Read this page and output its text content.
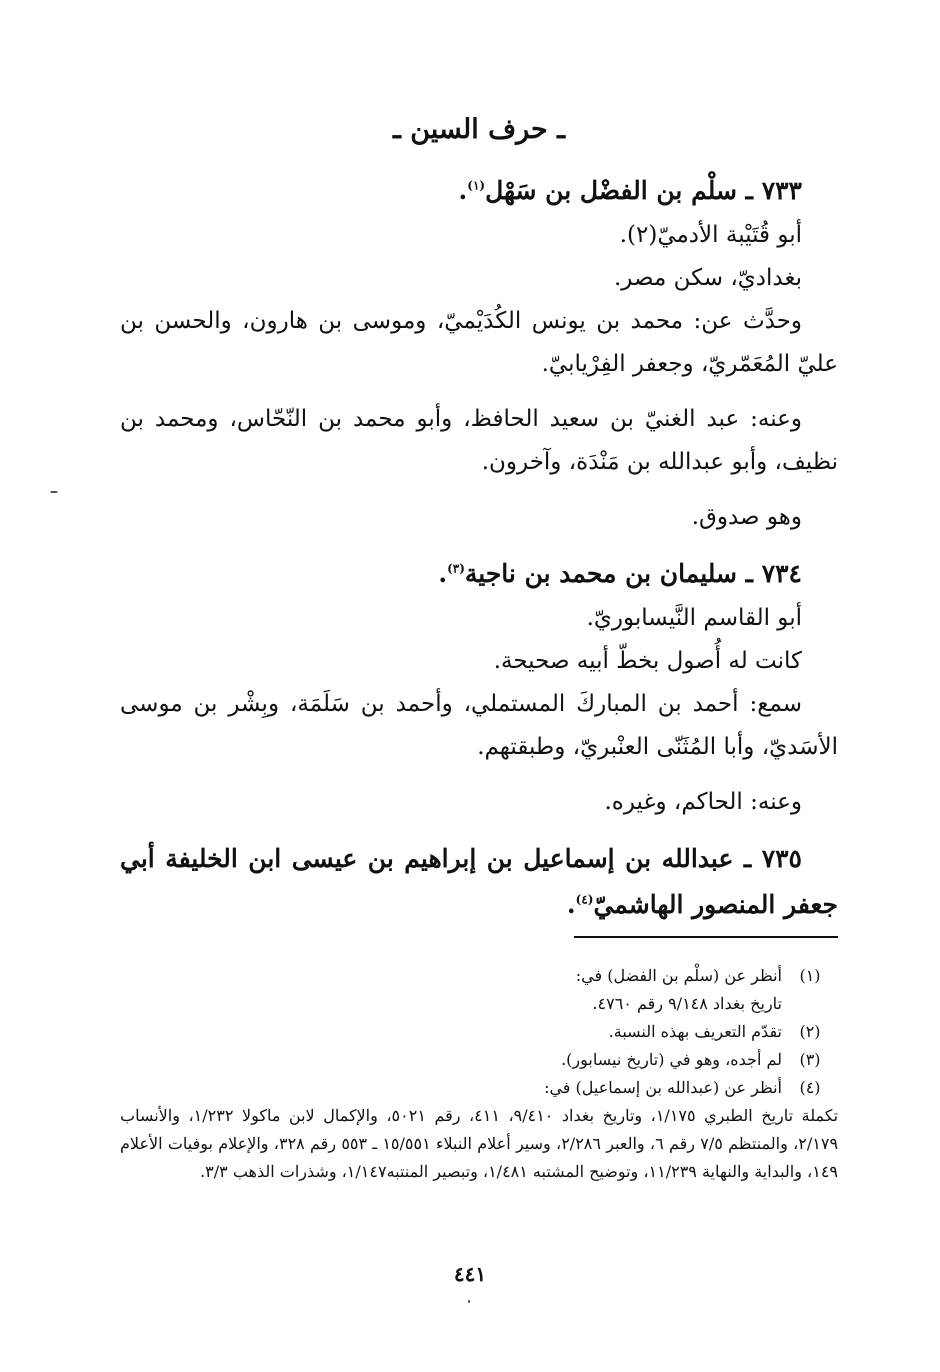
ـ حرف السين ـ
٧٣٣ ـ سلْم بن الفضْل بن سَهْل$^{(١)}$.
أبو قُتَيْبة الأدميّ(٢).
بغداديّ، سكن مصر.
وحدَّث عن: محمد بن يونس الكُدَيْميّ، وموسى بن هارون، والحسن بن عليّ المُعَمّريّ، وجعفر الفِرْيابيّ.
وعنه: عبد الغنيّ بن سعيد الحافظ، وأبو محمد بن النّحّاس، ومحمد بن نظيف، وأبو عبدالله بن مَنْدَة، وآخرون.
وهو صدوق.
٧٣٤ ـ سليمان بن محمد بن ناجية$^{(٣)}$.
أبو القاسم النَّيسابوريّ.
كانت له أُصول بخطّ أبيه صحيحة.
سمع: أحمد بن المباركَ المستملي، وأحمد بن سَلَمَة، وبِشْر بن موسى الأسَديّ، وأبا المُثَنّى العنْبريّ، وطبقتهم.
وعنه: الحاكم، وغيره.
٧٣٥ ـ عبدالله بن إسماعيل بن إبراهيم بن عيسى ابن الخليفة أبي جعفر المنصور الهاشميّ$^{(٤)}$.
(١)
أنظر عن (سلْم بن الفضل) في:
تاريخ بغداد ٩/١٤٨ رقم ٤٧٦٠.
(٢)
تقدّم التعريف بهذه النسبة.
(٣)
لم أجده، وهو في (تاريخ نيسابور).
(٤)
أنظر عن (عبدالله بن إسماعيل) في:
تكملة تاريخ الطبري ١/١٧٥، وتاريخ بغداد ٩/٤١٠، ٤١١، رقم ٥٠٢١، والإكمال لابن ماكولا ١/٢٣٢، والأنساب ٢/١٧٩، والمنتظم ٧/٥ رقم ٦، والعبر ٢/٢٨٦، وسير أعلام النبلاء ١٥/٥٥١ ـ ٥٥٣ رقم ٣٢٨، والإعلام بوفيات الأعلام ١٤٩، والبداية والنهاية ١١/٢٣٩، وتوضيح المشتبه ١/٤٨١، وتبصير المنتبه١/١٤٧، وشذرات الذهب ٣/٣.
٤٤١
